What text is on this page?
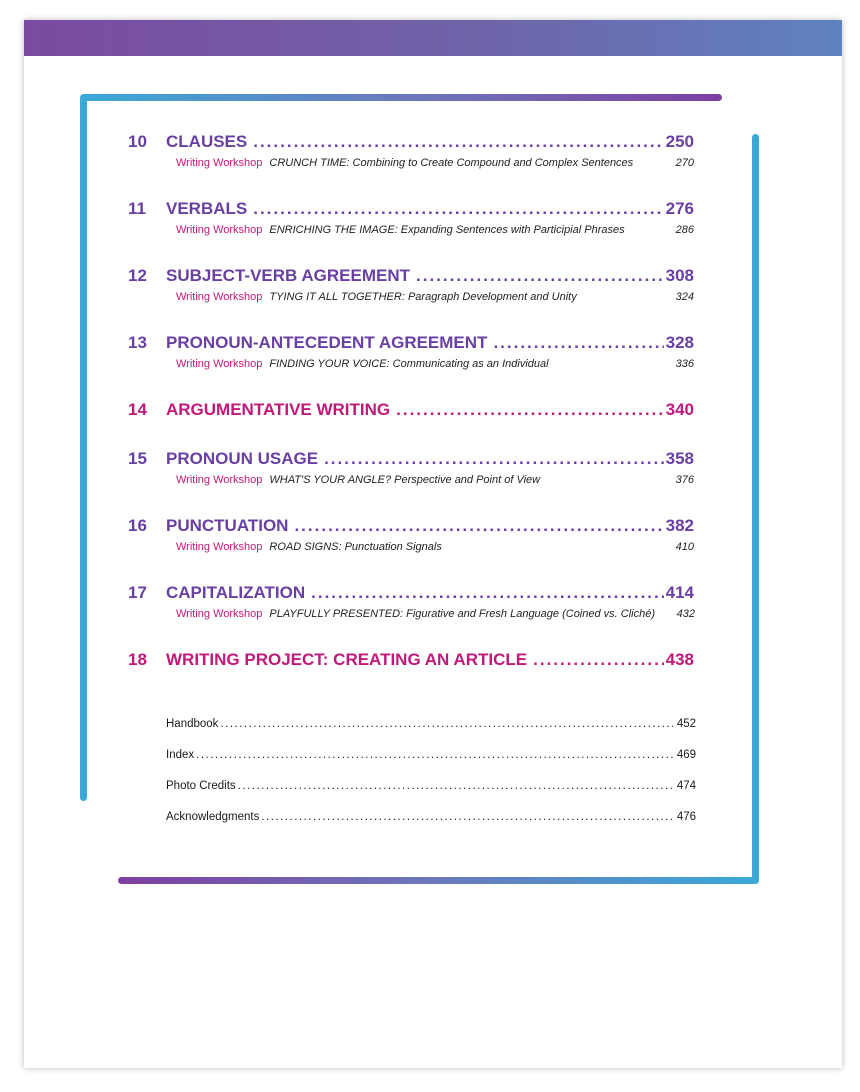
10	CLAUSES .....	250
Writing Workshop CRUNCH TIME: Combining to Create Compound and Complex Sentences	270
11	VERBALS .....	276
Writing Workshop ENRICHING THE IMAGE: Expanding Sentences with Participial Phrases	286
12	SUBJECT-VERB AGREEMENT .....	308
Writing Workshop TYING IT ALL TOGETHER: Paragraph Development and Unity	324
13	PRONOUN-ANTECEDENT AGREEMENT .....	328
Writing Workshop FINDING YOUR VOICE: Communicating as an Individual	336
14	ARGUMENTATIVE WRITING .....	340
15	PRONOUN USAGE .....	358
Writing Workshop WHAT'S YOUR ANGLE? Perspective and Point of View	376
16	PUNCTUATION .....	382
Writing Workshop ROAD SIGNS: Punctuation Signals	410
17	CAPITALIZATION .....	414
Writing Workshop PLAYFULLY PRESENTED: Figurative and Fresh Language (Coined vs. Cliché)	432
18	WRITING PROJECT: CREATING AN ARTICLE .....	438
Handbook .....	452
Index .....	469
Photo Credits .....	474
Acknowledgments .....	476
